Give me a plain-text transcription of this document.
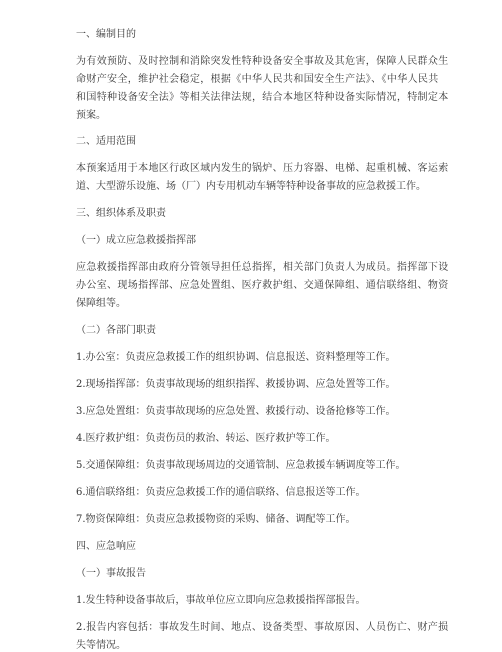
一、编制目的
为有效预防、及时控制和消除突发性特种设备安全事故及其危害，保障人民群众生
命财产安全，维护社会稳定，根据《中华人民共和国安全生产法》、《中华人民共
和国特种设备安全法》等相关法律法规，结合本地区特种设备实际情况，特制定本
预案。
二、适用范围
本预案适用于本地区行政区域内发生的锅炉、压力容器、电梯、起重机械、客运索
道、大型游乐设施、场（厂）内专用机动车辆等特种设备事故的应急救援工作。
三、组织体系及职责
（一）成立应急救援指挥部
应急救援指挥部由政府分管领导担任总指挥，相关部门负责人为成员。指挥部下设
办公室、现场指挥部、应急处置组、医疗救护组、交通保障组、通信联络组、物资
保障组等。
（二）各部门职责
1.办公室：负责应急救援工作的组织协调、信息报送、资料整理等工作。
2.现场指挥部：负责事故现场的组织指挥、救援协调、应急处置等工作。
3.应急处置组：负责事故现场的应急处置、救援行动、设备抢修等工作。
4.医疗救护组：负责伤员的救治、转运、医疗救护等工作。
5.交通保障组：负责事故现场周边的交通管制、应急救援车辆调度等工作。
6.通信联络组：负责应急救援工作的通信联络、信息报送等工作。
7.物资保障组：负责应急救援物资的采购、储备、调配等工作。
四、应急响应
（一）事故报告
1.发生特种设备事故后，事故单位应立即向应急救援指挥部报告。
2.报告内容包括：事故发生时间、地点、设备类型、事故原因、人员伤亡、财产损
失等情况。
